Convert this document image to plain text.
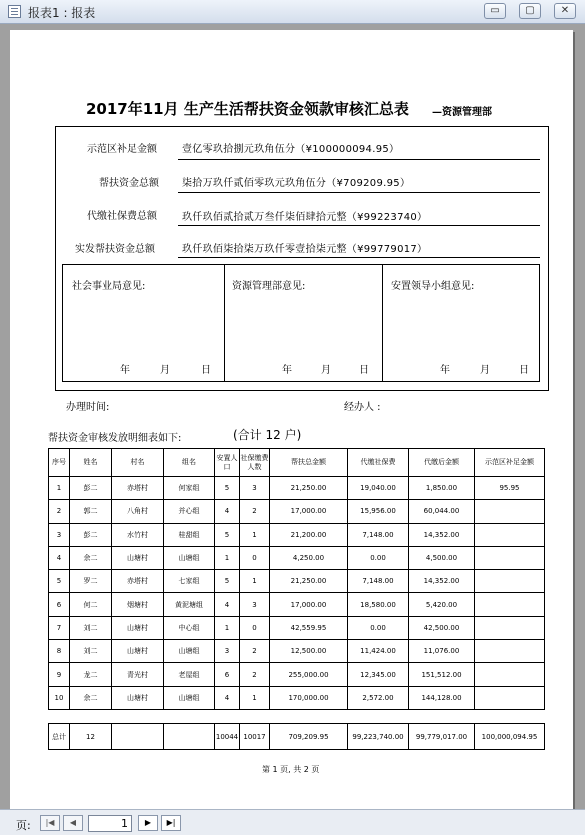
报表1 : 报表	▭	▢	✕
2017年11月 生产生活帮扶资金领款审核汇总表 —资源管理部
示范区补足金额	壹亿零玖拾捌元玖角伍分（¥100000094.95）
帮扶资金总额 柒拾万玖仟贰佰零玖元玖角伍分（¥709209.95）
代缴社保费总额	玖仟玖佰贰拾贰万叁仟柒佰肆拾元整（¥99223740）
实发帮扶资金总额	玖仟玖佰柒拾柒万玖仟零壹拾柒元整（¥99779017）
社会事业局意见:	资源管理部意见:	安置领导小组意见:
年	月	日	年	月	日	年	月	日
办理时间:	经办人 :
帮扶资金审核发放明细表如下:	(合计 12 户)
序号	姓名	村名	组名	安置人口	社保缴费人数	帮扶总金额	代缴社保费	代缴后金额	示范区补足金额
1	彭二	赤塔村	何家组	5	3	21,250.00	19,040.00	1,850.00	95.95
2	郭二	八角村	并心组	4	2	17,000.00	15,956.00	60,044.00	
3	彭二	水竹村	桂甜组	5	1	21,200.00	7,148.00	14,352.00	
4	余二	山塘村	山塘组	1	0	4,250.00	0.00	4,500.00	
5	罗二	赤塔村	七家组	5	1	21,250.00	7,148.00	14,352.00	
6	何二	烟塘村	黄泥塘组	4	3	17,000.00	18,580.00	5,420.00	
7	刘二	山塘村	中心组	1	0	42,559.95	0.00	42,500.00	
8	刘二	山塘村	山塘组	3	2	12,500.00	11,424.00	11,076.00	
9	龙二	青光村	老屋组	6	2	255,000.00	12,345.00	151,512.00	
10	余二	山塘村	山塘组	4	1	170,000.00	2,572.00	144,128.00	
总计	12			10044	10017	709,209.95	99,223,740.00	99,779,017.00	100,000,094.95
第 1 页, 共 2 页
页:	|◀	◀	1	▶	▶|
